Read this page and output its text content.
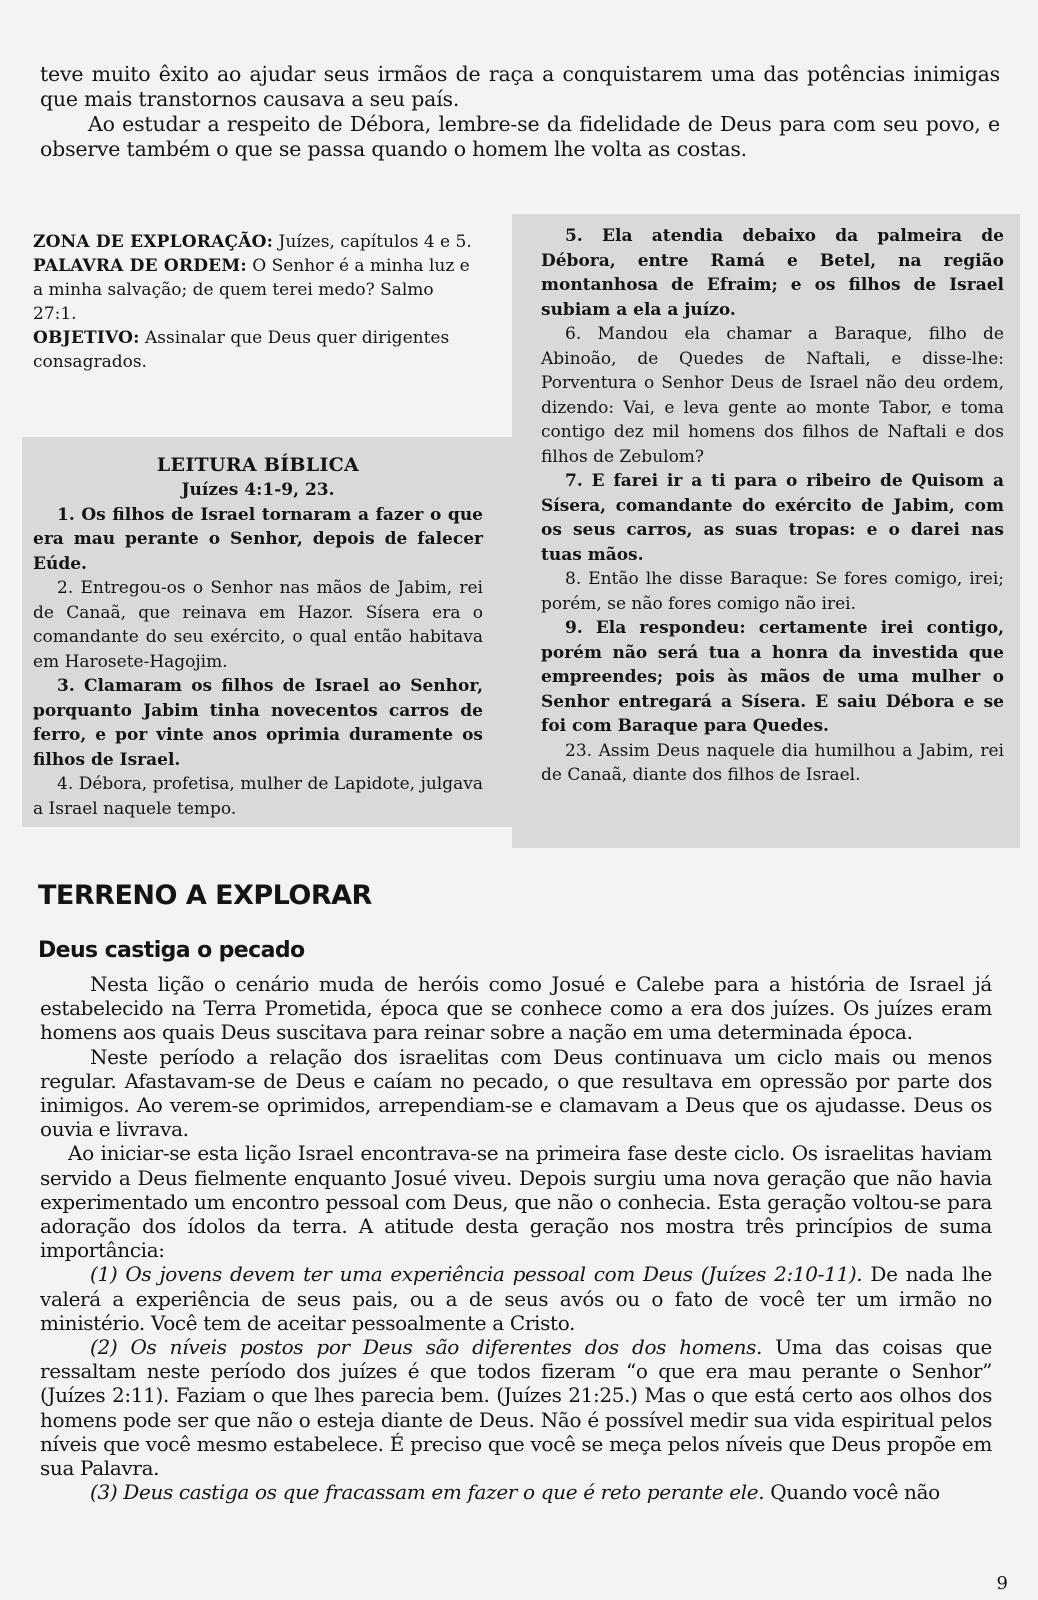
teve muito êxito ao ajudar seus irmãos de raça a conquistarem uma das potências inimigas que mais transtornos causava a seu país.

Ao estudar a respeito de Débora, lembre-se da fidelidade de Deus para com seu povo, e observe também o que se passa quando o homem lhe volta as costas.

ZONA DE EXPLORAÇÃO: Juízes, capítulos 4 e 5.

PALAVRA DE ORDEM: O Senhor é a minha luz e a minha salvação; de quem terei medo? Salmo 27:1.

OBJETIVO: Assinalar que Deus quer dirigentes consagrados.

LEITURA BÍBLICA

Juízes 4:1-9, 23.

1. Os filhos de Israel tornaram a fazer o que era mau perante o Senhor, depois de falecer Eúde.

2. Entregou-os o Senhor nas mãos de Jabim, rei de Canaã, que reinava em Hazor. Sísera era o comandante do seu exército, o qual então habitava em Harosete-Hagojim.

3. Clamaram os filhos de Israel ao Senhor, porquanto Jabim tinha novecentos carros de ferro, e por vinte anos oprimia duramente os filhos de Israel.

4. Débora, profetisa, mulher de Lapidote, julgava a Israel naquele tempo.

5. Ela atendia debaixo da palmeira de Débora, entre Ramá e Betel, na região montanhosa de Efraim; e os filhos de Israel subiam a ela a juízo.

6. Mandou ela chamar a Baraque, filho de Abinoão, de Quedes de Naftali, e disse-lhe: Porventura o Senhor Deus de Israel não deu ordem, dizendo: Vai, e leva gente ao monte Tabor, e toma contigo dez mil homens dos filhos de Naftali e dos filhos de Zebulom?

7. E farei ir a ti para o ribeiro de Quisom a Sísera, comandante do exército de Jabim, com os seus carros, as suas tropas: e o darei nas tuas mãos.

8. Então lhe disse Baraque: Se fores comigo, irei; porém, se não fores comigo não irei.

9. Ela respondeu: certamente irei contigo, porém não será tua a honra da investida que empreendes; pois às mãos de uma mulher o Senhor entregará a Sísera. E saiu Débora e se foi com Baraque para Quedes.

23. Assim Deus naquele dia humilhou a Jabim, rei de Canaã, diante dos filhos de Israel.

TERRENO A EXPLORAR
Deus castiga o pecado

Nesta lição o cenário muda de heróis como Josué e Calebe para a história de Israel já estabelecido na Terra Prometida, época que se conhece como a era dos juízes. Os juízes eram homens aos quais Deus suscitava para reinar sobre a nação em uma determinada época.

Neste período a relação dos israelitas com Deus continuava um ciclo mais ou menos regular. Afastavam-se de Deus e caíam no pecado, o que resultava em opressão por parte dos inimigos. Ao verem-se oprimidos, arrependiam-se e clamavam a Deus que os ajudasse. Deus os ouvia e livrava.

Ao iniciar-se esta lição Israel encontrava-se na primeira fase deste ciclo. Os israelitas haviam servido a Deus fielmente enquanto Josué viveu. Depois surgiu uma nova geração que não havia experimentado um encontro pessoal com Deus, que não o conhecia. Esta geração voltou-se para adoração dos ídolos da terra. A atitude desta geração nos mostra três princípios de suma importância:

(1) Os jovens devem ter uma experiência pessoal com Deus (Juízes 2:10-11). De nada lhe valerá a experiência de seus pais, ou a de seus avós ou o fato de você ter um irmão no ministério. Você tem de aceitar pessoalmente a Cristo.

(2) Os níveis postos por Deus são diferentes dos dos homens. Uma das coisas que ressaltam neste período dos juízes é que todos fizeram “o que era mau perante o Senhor” (Juízes 2:11). Faziam o que lhes parecia bem. (Juízes 21:25.) Mas o que está certo aos olhos dos homens pode ser que não o esteja diante de Deus. Não é possível medir sua vida espiritual pelos níveis que você mesmo estabelece. É preciso que você se meça pelos níveis que Deus propõe em sua Palavra.

(3) Deus castiga os que fracassam em fazer o que é reto perante ele. Quando você não

9
